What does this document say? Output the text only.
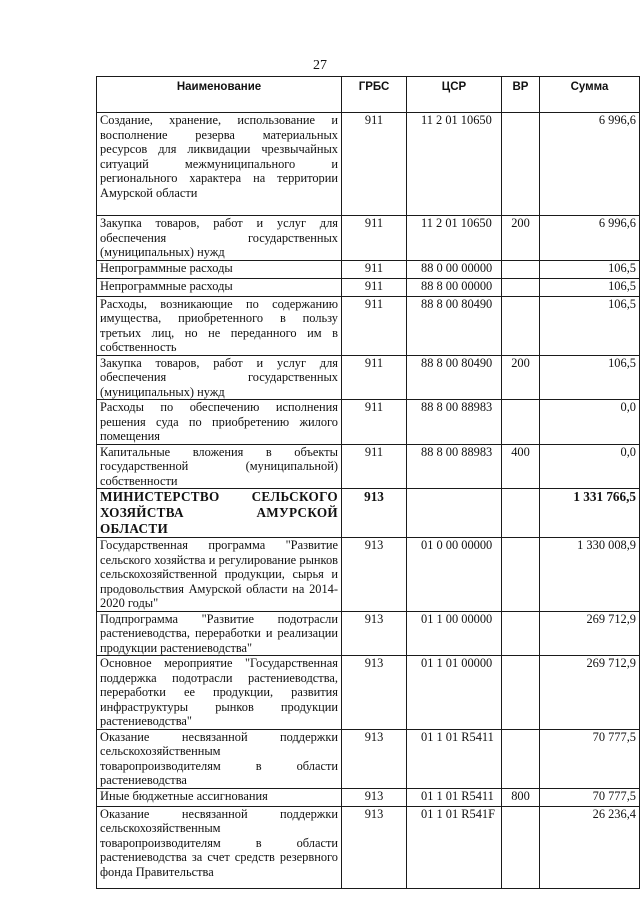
27
Наименование	ГРБС	ЦСР	ВР	Сумма
Создание, хранение, использование и восполнение резерва материальных ресурсов для ликвидации чрезвычайных ситуаций межмуниципального и регионального характера на территории Амурской области	911	11 2 01 10650		6 996,6
Закупка товаров, работ и услуг для обеспечения государственных (муниципальных) нужд	911	11 2 01 10650	200	6 996,6
Непрограммные расходы	911	88 0 00 00000		106,5
Непрограммные расходы	911	88 8 00 00000		106,5
Расходы, возникающие по содержанию имущества, приобретенного в пользу третьих лиц, но не переданного им в собственность	911	88 8 00 80490		106,5
Закупка товаров, работ и услуг для обеспечения государственных (муниципальных) нужд	911	88 8 00 80490	200	106,5
Расходы по обеспечению исполнения решения суда по приобретению жилого помещения	911	88 8 00 88983		0,0
Капитальные вложения в объекты государственной (муниципальной) собственности	911	88 8 00 88983	400	0,0
МИНИСТЕРСТВО СЕЛЬСКОГО ХОЗЯЙСТВА АМУРСКОЙ ОБЛАСТИ	913			1 331 766,5
Государственная программа "Развитие сельского хозяйства и регулирование рынков сельскохозяйственной продукции, сырья и продовольствия Амурской области на 2014-2020 годы"	913	01 0 00 00000		1 330 008,9
Подпрограмма "Развитие подотрасли растениеводства, переработки и реализации продукции растениеводства"	913	01 1 00 00000		269 712,9
Основное мероприятие "Государственная поддержка подотрасли растениеводства, переработки ее продукции, развития инфраструктуры рынков продукции растениеводства"	913	01 1 01 00000		269 712,9
Оказание несвязанной поддержки сельскохозяйственным товаропроизводителям в области растениеводства	913	01 1 01 R5411		70 777,5
Иные бюджетные ассигнования	913	01 1 01 R5411	800	70 777,5
Оказание несвязанной поддержки сельскохозяйственным товаропроизводителям в области растениеводства за счет средств резервного фонда Правительства	913	01 1 01 R541F		26 236,4
